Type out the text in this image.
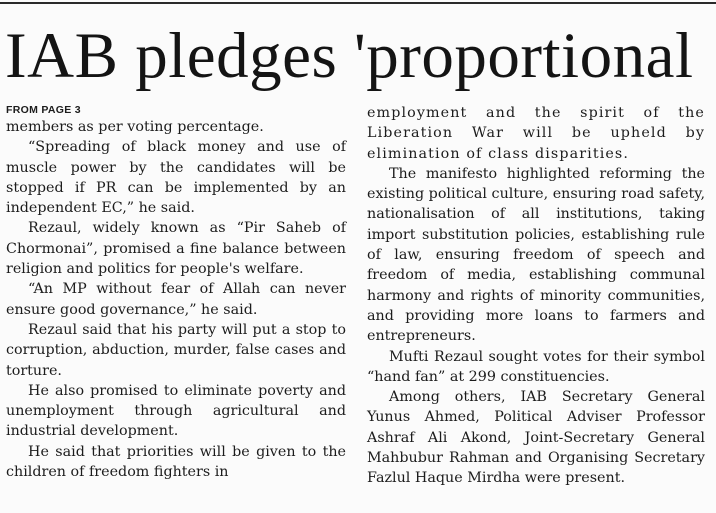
IAB pledges 'proportional
FROM PAGE 3

members as per voting percentage.

“Spreading of black money and use of muscle power by the candidates will be stopped if PR can be implemented by an independent EC,” he said.

Rezaul, widely known as “Pir Saheb of Chormonai”, promised a fine balance between religion and politics for people's welfare.

“An MP without fear of Allah can never ensure good governance,” he said.

Rezaul said that his party will put a stop to corruption, abduction, murder, false cases and torture.

He also promised to eliminate poverty and unemployment through agricultural and industrial development.

He said that priorities will be given to the children of freedom fighters in

employment and the spirit of the Liberation War will be upheld by elimination of class disparities.

The manifesto highlighted reforming the existing political culture, ensuring road safety, nationalisation of all institutions, taking import substitution policies, establishing rule of law, ensuring freedom of speech and freedom of media, establishing communal harmony and rights of minority communities, and providing more loans to farmers and entrepreneurs.

Mufti Rezaul sought votes for their symbol “hand fan” at 299 constituencies.

Among others, IAB Secretary General Yunus Ahmed, Political Adviser Professor Ashraf Ali Akond, Joint-Secretary General Mahbubur Rahman and Organising Secretary Fazlul Haque Mirdha were present.
